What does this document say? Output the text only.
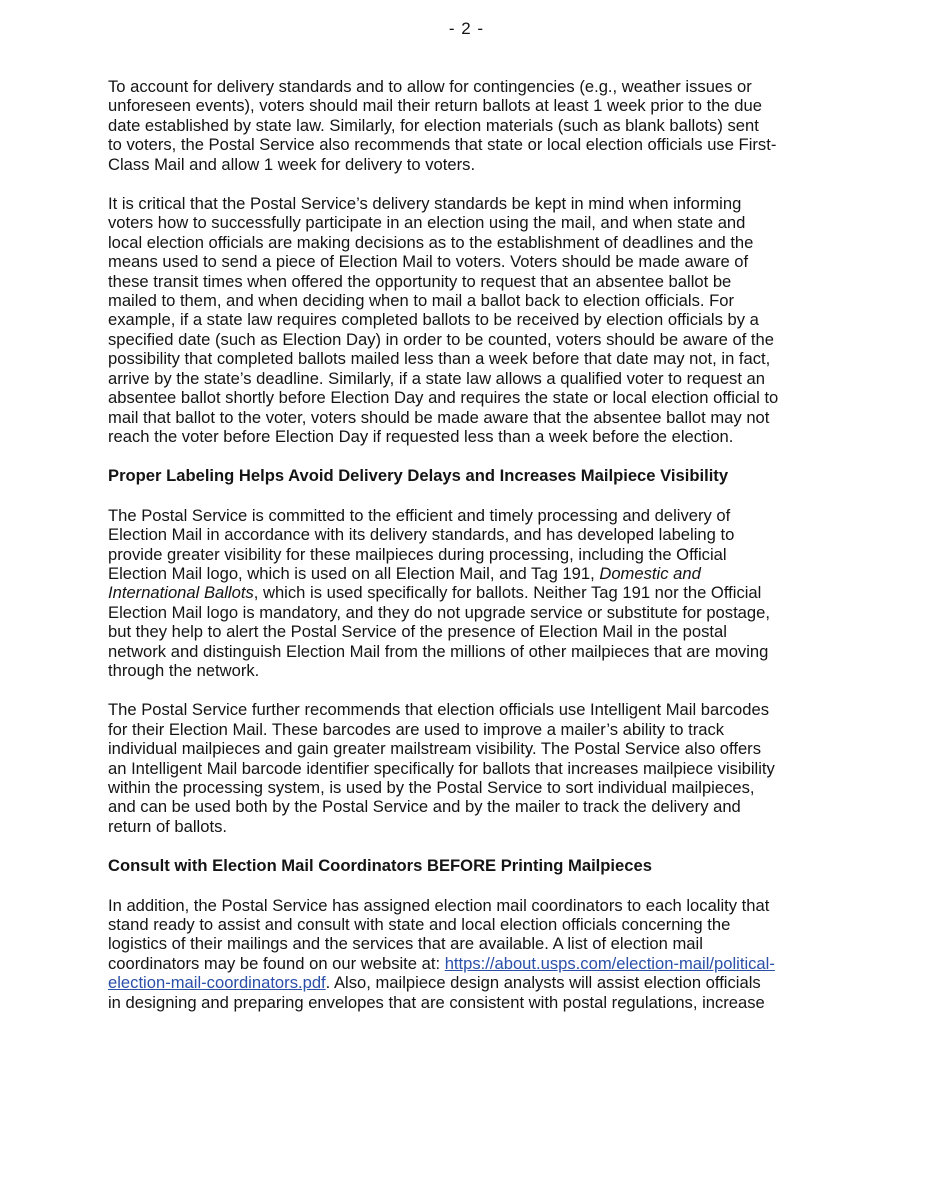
- 2 -
To account for delivery standards and to allow for contingencies (e.g., weather issues or
unforeseen events), voters should mail their return ballots at least 1 week prior to the due
date established by state law. Similarly, for election materials (such as blank ballots) sent
to voters, the Postal Service also recommends that state or local election officials use First-
Class Mail and allow 1 week for delivery to voters.
It is critical that the Postal Service’s delivery standards be kept in mind when informing
voters how to successfully participate in an election using the mail, and when state and
local election officials are making decisions as to the establishment of deadlines and the
means used to send a piece of Election Mail to voters. Voters should be made aware of
these transit times when offered the opportunity to request that an absentee ballot be
mailed to them, and when deciding when to mail a ballot back to election officials. For
example, if a state law requires completed ballots to be received by election officials by a
specified date (such as Election Day) in order to be counted, voters should be aware of the
possibility that completed ballots mailed less than a week before that date may not, in fact,
arrive by the state’s deadline. Similarly, if a state law allows a qualified voter to request an
absentee ballot shortly before Election Day and requires the state or local election official to
mail that ballot to the voter, voters should be made aware that the absentee ballot may not
reach the voter before Election Day if requested less than a week before the election.
Proper Labeling Helps Avoid Delivery Delays and Increases Mailpiece Visibility
The Postal Service is committed to the efficient and timely processing and delivery of
Election Mail in accordance with its delivery standards, and has developed labeling to
provide greater visibility for these mailpieces during processing, including the Official
Election Mail logo, which is used on all Election Mail, and Tag 191, Domestic and
International Ballots, which is used specifically for ballots. Neither Tag 191 nor the Official
Election Mail logo is mandatory, and they do not upgrade service or substitute for postage,
but they help to alert the Postal Service of the presence of Election Mail in the postal
network and distinguish Election Mail from the millions of other mailpieces that are moving
through the network.
The Postal Service further recommends that election officials use Intelligent Mail barcodes
for their Election Mail. These barcodes are used to improve a mailer’s ability to track
individual mailpieces and gain greater mailstream visibility. The Postal Service also offers
an Intelligent Mail barcode identifier specifically for ballots that increases mailpiece visibility
within the processing system, is used by the Postal Service to sort individual mailpieces,
and can be used both by the Postal Service and by the mailer to track the delivery and
return of ballots.
Consult with Election Mail Coordinators BEFORE Printing Mailpieces
In addition, the Postal Service has assigned election mail coordinators to each locality that
stand ready to assist and consult with state and local election officials concerning the
logistics of their mailings and the services that are available. A list of election mail
coordinators may be found on our website at: https://about.usps.com/election-mail/political-
election-mail-coordinators.pdf. Also, mailpiece design analysts will assist election officials
in designing and preparing envelopes that are consistent with postal regulations, increase
